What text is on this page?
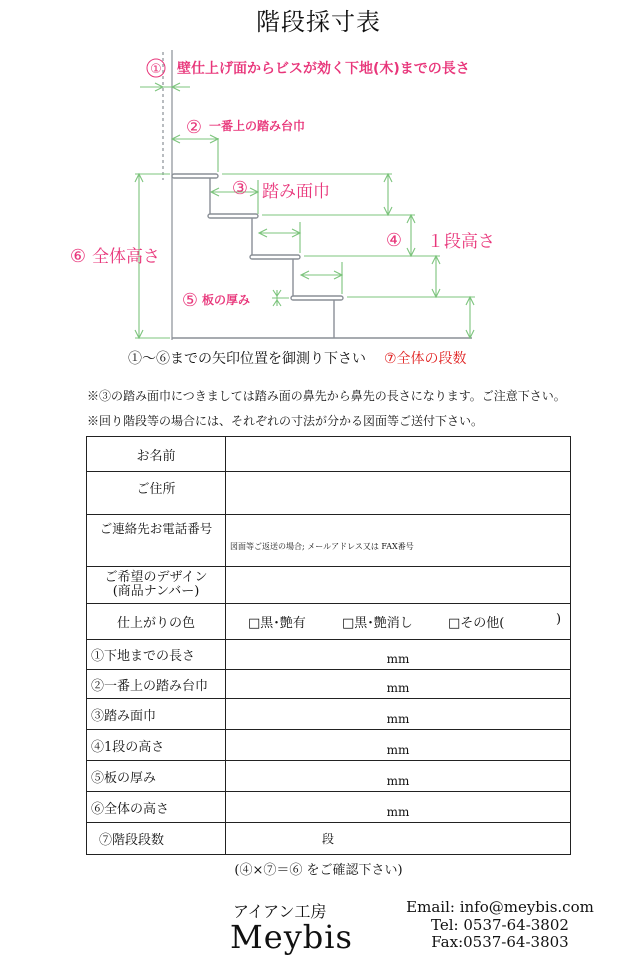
階段採寸表
① 壁仕上げ面からビスが効く下地(木)までの長さ
② 一番上の踏み台巾
③ 踏み面巾
④ １段高さ
⑤ 板の厚み
⑥ 全体高さ
①～⑥までの矢印位置を御測り下さい ⑦全体の段数
※③の踏み面巾につきましては踏み面の鼻先から鼻先の長さになります。ご注意下さい。
※回り階段等の場合には、それぞれの寸法が分かる図面等ご送付下さい。
お名前	
ご住所	
ご連絡先お電話番号	図面等ご返送の場合; メールアドレス又は FAX番号

ご希望のデザイン
(商品ナンバー)	

仕上がりの色	□黒･艶有 □黒･艶消し □その他( )

①下地までの長さ	mm

②一番上の踏み台巾	mm

③踏み面巾	mm

④1段の高さ	mm

⑤板の厚み	mm

⑥全体の高さ	mm

⑦階段段数	段
(④×⑦＝⑥ をご確認下さい)
アイアン工房
Meybis
Email: info@meybis.com
Tel: 0537-64-3802
Fax:0537-64-3803
